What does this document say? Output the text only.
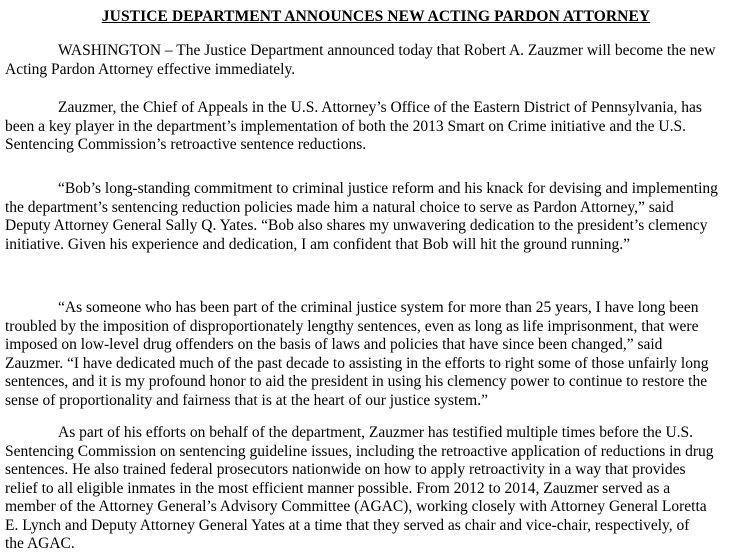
JUSTICE DEPARTMENT ANNOUNCES NEW ACTING PARDON ATTORNEY
WASHINGTON – The Justice Department announced today that Robert A. Zauzmer will become the new
Acting Pardon Attorney effective immediately.
Zauzmer, the Chief of Appeals in the U.S. Attorney’s Office of the Eastern District of Pennsylvania, has
been a key player in the department’s implementation of both the 2013 Smart on Crime initiative and the U.S.
Sentencing Commission’s retroactive sentence reductions.
“Bob’s long-standing commitment to criminal justice reform and his knack for devising and implementing
the department’s sentencing reduction policies made him a natural choice to serve as Pardon Attorney,” said
Deputy Attorney General Sally Q. Yates. “Bob also shares my unwavering dedication to the president’s clemency
initiative. Given his experience and dedication, I am confident that Bob will hit the ground running.”
“As someone who has been part of the criminal justice system for more than 25 years, I have long been
troubled by the imposition of disproportionately lengthy sentences, even as long as life imprisonment, that were
imposed on low-level drug offenders on the basis of laws and policies that have since been changed,” said
Zauzmer. “I have dedicated much of the past decade to assisting in the efforts to right some of those unfairly long
sentences, and it is my profound honor to aid the president in using his clemency power to continue to restore the
sense of proportionality and fairness that is at the heart of our justice system.”
As part of his efforts on behalf of the department, Zauzmer has testified multiple times before the U.S.
Sentencing Commission on sentencing guideline issues, including the retroactive application of reductions in drug
sentences. He also trained federal prosecutors nationwide on how to apply retroactivity in a way that provides
relief to all eligible inmates in the most efficient manner possible. From 2012 to 2014, Zauzmer served as a
member of the Attorney General’s Advisory Committee (AGAC), working closely with Attorney General Loretta
E. Lynch and Deputy Attorney General Yates at a time that they served as chair and vice-chair, respectively, of
the AGAC.
